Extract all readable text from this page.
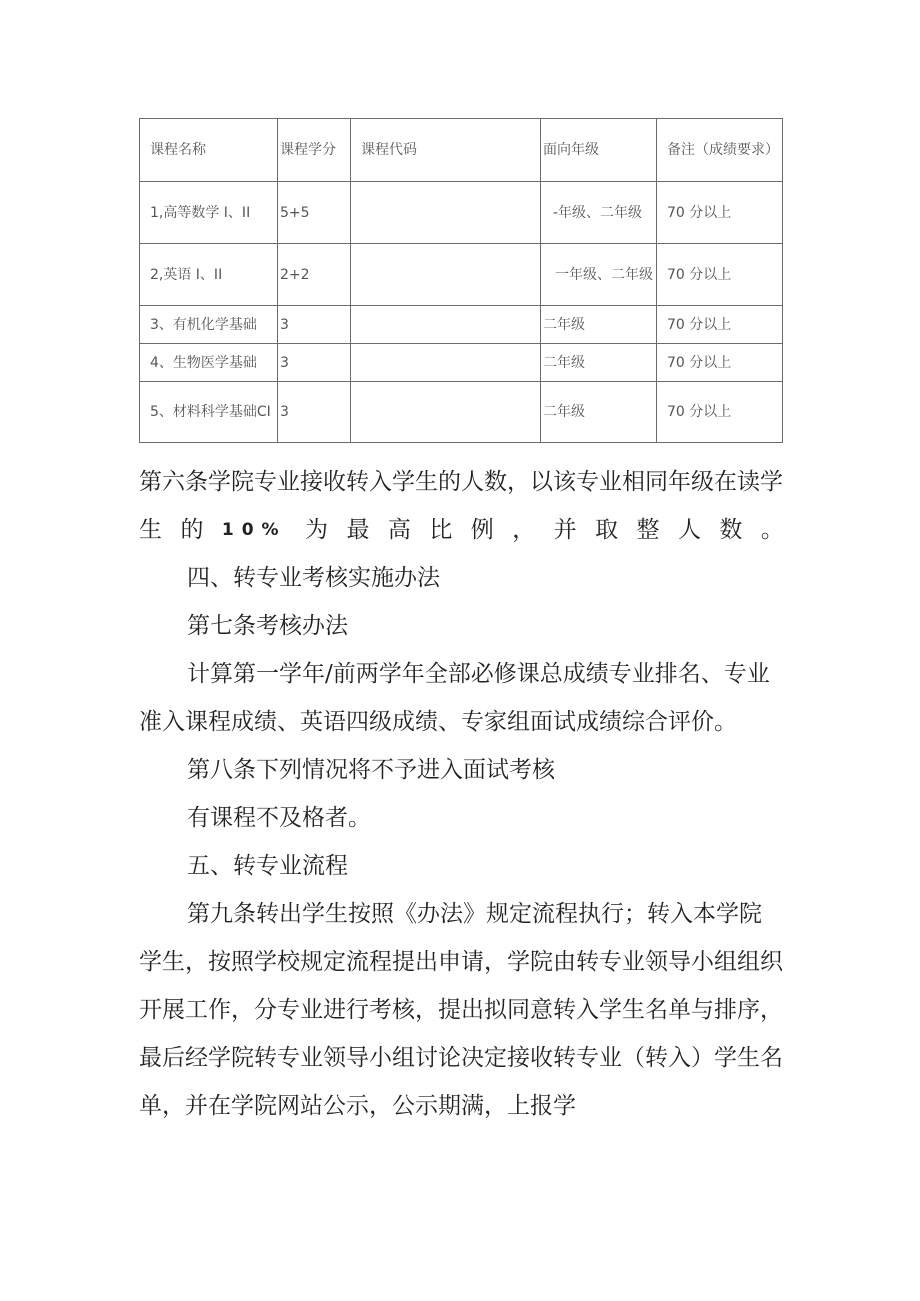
课程名称	课程学分	课程代码	面向年级	备注（成绩要求）
1,高等数学 I、II	5+5		-年级、二年级	70 分以上
2,英语 I、II	2+2		一年级、二年级	70 分以上
3、有机化学基础	3		二年级	70 分以上
4、生物医学基础	3		二年级	70 分以上
5、材料科学基础CI	3		二年级	70 分以上
第六条学院专业接收转入学生的人数，以该专业相同年级在读学
生 的 10% 为 最 高 比 例 ， 并 取 整 人 数 。

四、转专业考核实施办法

第七条考核办法

计算第一学年/前两学年全部必修课总成绩专业排名、专业准入课程成绩、英语四级成绩、专家组面试成绩综合评价。

第八条下列情况将不予进入面试考核

有课程不及格者。

五、转专业流程

第九条转出学生按照《办法》规定流程执行；转入本学院学生，按照学校规定流程提出申请，学院由转专业领导小组组织开展工作，分专业进行考核，提出拟同意转入学生名单与排序，最后经学院转专业领导小组讨论决定接收转专业（转入）学生名单，并在学院网站公示，公示期满，上报学
